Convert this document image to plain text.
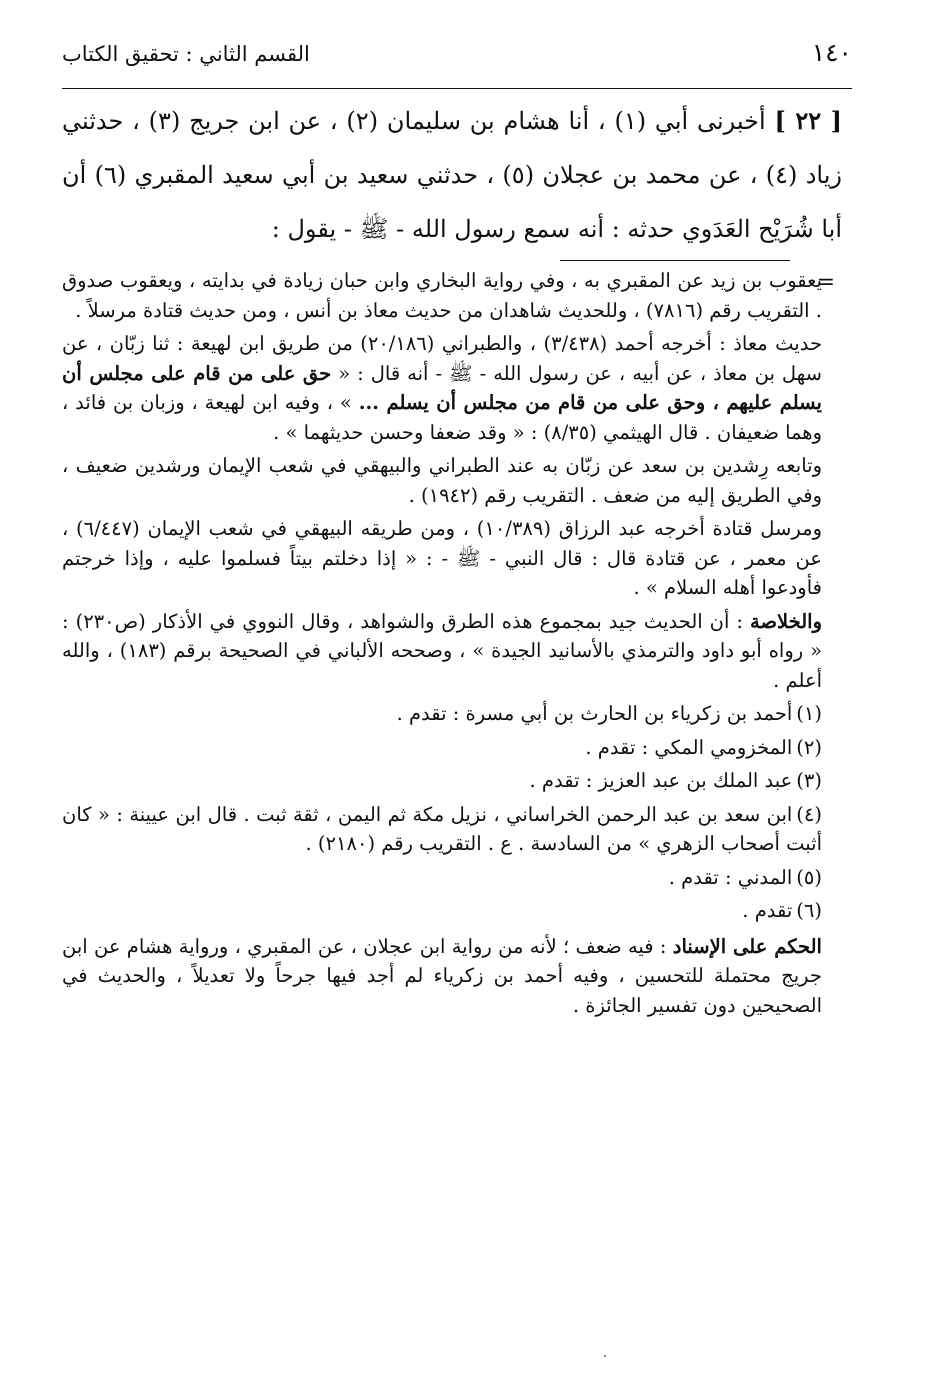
١٤٠
القسم الثاني : تحقيق الكتاب
[ ٢٢ ] أخبرنى أبي (١) ، أنا هشام بن سليمان (٢) ، عن ابن جريج (٣) ، حدثني زياد (٤) ، عن محمد بن عجلان (٥) ، حدثني سعيد بن أبي سعيد المقبري (٦) أن أبا شُرَيْح العَدَوي حدثه : أنه سمع رسول الله - ﷺ - يقول :
=

يعقوب بن زيد عن المقبري به ، وفي رواية البخاري وابن حبان زيادة في بدايته ، ويعقوب صدوق . التقريب رقم (٧٨١٦) ، وللحديث شاهدان من حديث معاذ بن أنس ، ومن حديث قتادة مرسلاً .

حديث معاذ : أخرجه أحمد (٣/٤٣٨) ، والطبراني (٢٠/١٨٦) من طريق ابن لهيعة : ثنا زبّان ، عن سهل بن معاذ ، عن أبيه ، عن رسول الله - ﷺ - أنه قال : « حق على من قام على مجلس أن يسلم عليهم ، وحق على من قام من مجلس أن يسلم ... » ، وفيه ابن لهيعة ، وزبان بن فائد ، وهما ضعيفان . قال الهيثمي (٨/٣٥) : « وقد ضعفا وحسن حديثهما » .

وتابعه رِشدين بن سعد عن زبّان به عند الطبراني والبيهقي في شعب الإيمان ورشدين ضعيف ، وفي الطريق إليه من ضعف . التقريب رقم (١٩٤٢) .

ومرسل قتادة أخرجه عبد الرزاق (١٠/٣٨٩) ، ومن طريقه البيهقي في شعب الإيمان (٦/٤٤٧) ، عن معمر ، عن قتادة قال : قال النبي - ﷺ - : « إذا دخلتم بيتاً فسلموا عليه ، وإذا خرجتم فأودعوا أهله السلام » .

والخلاصة : أن الحديث جيد بمجموع هذه الطرق والشواهد ، وقال النووي في الأذكار (ص٢٣٠) : « رواه أبو داود والترمذي بالأسانيد الجيدة » ، وصححه الألباني في الصحيحة برقم (١٨٣) ، والله أعلم .

(١)أحمد بن زكرياء بن الحارث بن أبي مسرة : تقدم .

(٢)المخزومي المكي : تقدم .

(٣)عبد الملك بن عبد العزيز : تقدم .

(٤)ابن سعد بن عبد الرحمن الخراساني ، نزيل مكة ثم اليمن ، ثقة ثبت . قال ابن عيينة : « كان أثبت أصحاب الزهري » من السادسة . ع . التقريب رقم (٢١٨٠) .

(٥)المدني : تقدم .

(٦)تقدم .

الحكم على الإسناد : فيه ضعف ؛ لأنه من رواية ابن عجلان ، عن المقبري ، ورواية هشام عن ابن جريج محتملة للتحسين ، وفيه أحمد بن زكرياء لم أجد فيها جرحاً ولا تعديلاً ، والحديث في الصحيحين دون تفسير الجائزة .
